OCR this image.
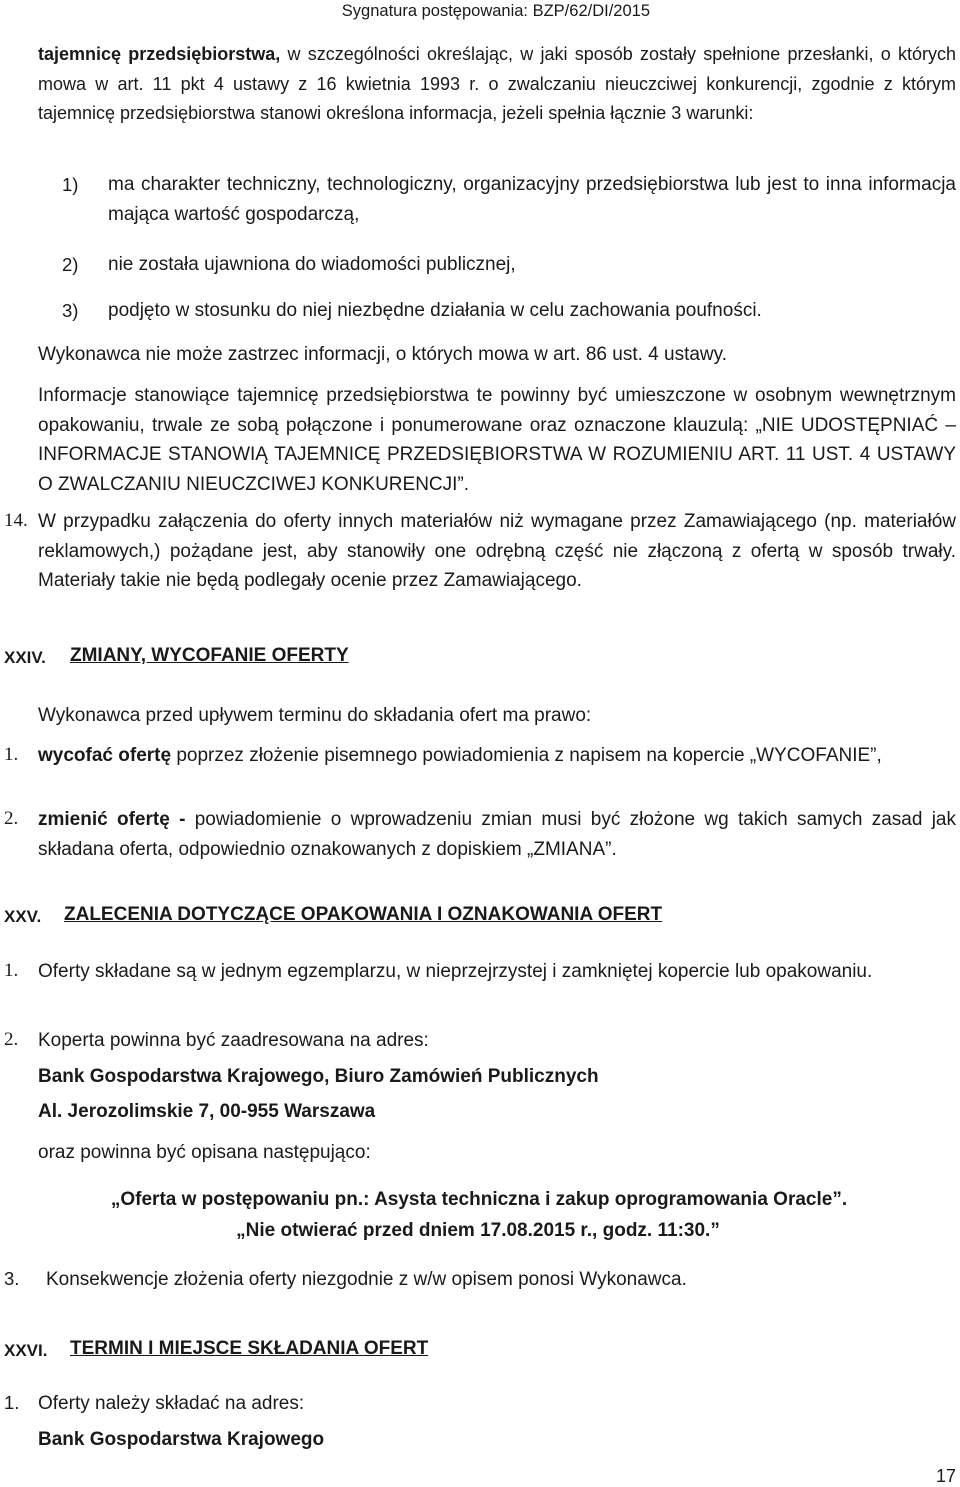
Sygnatura postępowania: BZP/62/DI/2015

tajemnicę przedsiębiorstwa, w szczególności określając, w jaki sposób zostały spełnione przesłanki, o których mowa w art. 11 pkt 4 ustawy z 16 kwietnia 1993 r. o zwalczaniu nieuczciwej konkurencji, zgodnie z którym tajemnicę przedsiębiorstwa stanowi określona informacja, jeżeli spełnia łącznie 3 warunki:

1) ma charakter techniczny, technologiczny, organizacyjny przedsiębiorstwa lub jest to inna informacja mająca wartość gospodarczą,

2) nie została ujawniona do wiadomości publicznej,

3) podjęto w stosunku do niej niezbędne działania w celu zachowania poufności.

Wykonawca nie może zastrzec informacji, o których mowa w art. 86 ust. 4 ustawy.

Informacje stanowiące tajemnicę przedsiębiorstwa te powinny być umieszczone w osobnym wewnętrznym opakowaniu, trwale ze sobą połączone i ponumerowane oraz oznaczone klauzulą: „NIE UDOSTĘPNIAĆ – INFORMACJE STANOWIĄ TAJEMNICĘ PRZEDSIĘBIORSTWA W ROZUMIENIU ART. 11 UST. 4 USTAWY O ZWALCZANIU NIEUCZCIWEJ KONKURENCJI”.

14. W przypadku załączenia do oferty innych materiałów niż wymagane przez Zamawiającego (np. materiałów reklamowych,) pożądane jest, aby stanowiły one odrębną część nie złączoną z ofertą w sposób trwały. Materiały takie nie będą podlegały ocenie przez Zamawiającego.

XXIV. ZMIANY, WYCOFANIE OFERTY

Wykonawca przed upływem terminu do składania ofert ma prawo:

1. wycofać ofertę poprzez złożenie pisemnego powiadomienia z napisem na kopercie „WYCOFANIE”,

2. zmienić ofertę - powiadomienie o wprowadzeniu zmian musi być złożone wg takich samych zasad jak składana oferta, odpowiednio oznakowanych z dopiskiem „ZMIANA”.

XXV. ZALECENIA DOTYCZĄCE OPAKOWANIA I OZNAKOWANIA OFERT
1. Oferty składane są w jednym egzemplarzu, w nieprzejrzystej i zamkniętej kopercie lub opakowaniu.

2. Koperta powinna być zaadresowana na adres:

Bank Gospodarstwa Krajowego, Biuro Zamówień Publicznych

Al. Jerozolimskie 7, 00-955 Warszawa

oraz powinna być opisana następująco:

„Oferta w postępowaniu pn.: Asysta techniczna i zakup oprogramowania Oracle”.
„Nie otwierać przed dniem 17.08.2015 r., godz. 11:30.”
3. Konsekwencje złożenia oferty niezgodnie z w/w opisem ponosi Wykonawca.

XXVI. TERMIN I MIEJSCE SKŁADANIA OFERT
1. Oferty należy składać na adres:

Bank Gospodarstwa Krajowego

17
